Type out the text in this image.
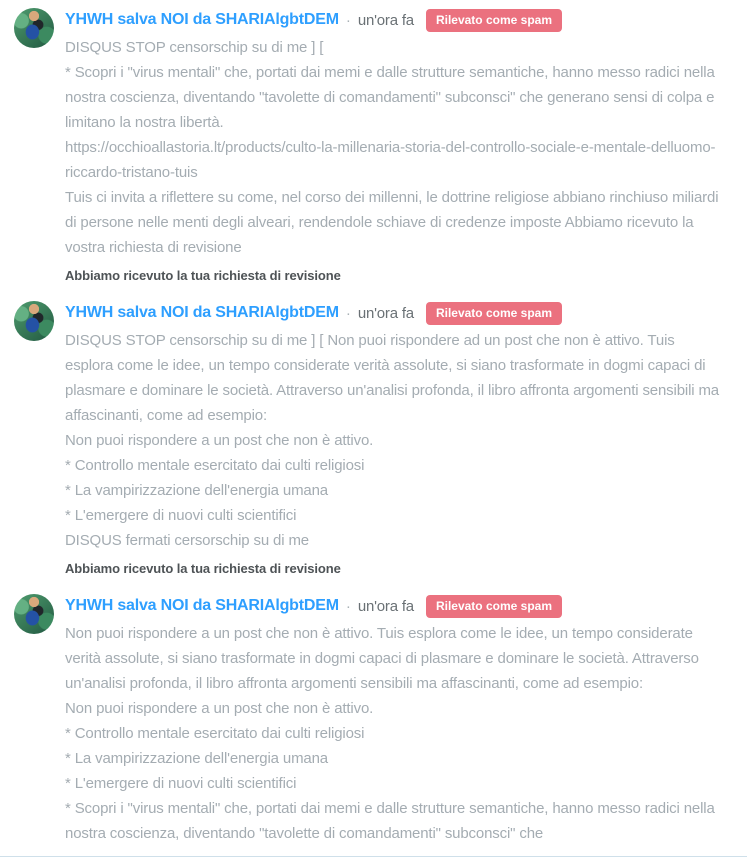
YHWH salva NOI da SHARIAlgbtDEM · un'ora fa	Rilevato come spam

DISQUS STOP censorschip su di me ] [

* Scopri i "virus mentali" che, portati dai memi e dalle strutture semantiche, hanno messo radici nella nostra coscienza, diventando "tavolette di comandamenti" subconsci" che generano sensi di colpa e limitano la nostra libertà.

https://occhioallastoria.lt/products/culto-la-millenaria-storia-del-controllo-sociale-e-mentale-delluomo-riccardo-tristano-tuis

Tuis ci invita a riflettere su come, nel corso dei millenni, le dottrine religiose abbiano rinchiuso miliardi di persone nelle menti degli alveari, rendendole schiave di credenze imposte Abbiamo ricevuto la vostra richiesta di revisione

Abbiamo ricevuto la tua richiesta di revisione
YHWH salva NOI da SHARIAlgbtDEM · un'ora fa	Rilevato come spam

DISQUS STOP censorschip su di me ] [ Non puoi rispondere ad un post che non è attivo. Tuis esplora come le idee, un tempo considerate verità assolute, si siano trasformate in dogmi capaci di plasmare e dominare le società. Attraverso un'analisi profonda, il libro affronta argomenti sensibili ma affascinanti, come ad esempio:

Non puoi rispondere a un post che non è attivo.

* Controllo mentale esercitato dai culti religiosi

* La vampirizzazione dell'energia umana

* L'emergere di nuovi culti scientifici

DISQUS fermati cersorschip su di me

Abbiamo ricevuto la tua richiesta di revisione
YHWH salva NOI da SHARIAlgbtDEM · un'ora fa	Rilevato come spam

Non puoi rispondere a un post che non è attivo. Tuis esplora come le idee, un tempo considerate verità assolute, si siano trasformate in dogmi capaci di plasmare e dominare le società. Attraverso un'analisi profonda, il libro affronta argomenti sensibili ma affascinanti, come ad esempio:

Non puoi rispondere a un post che non è attivo.

* Controllo mentale esercitato dai culti religiosi

* La vampirizzazione dell'energia umana

* L'emergere di nuovi culti scientifici

* Scopri i "virus mentali" che, portati dai memi e dalle strutture semantiche, hanno messo radici nella nostra coscienza, diventando "tavolette di comandamenti" subconsci" che
